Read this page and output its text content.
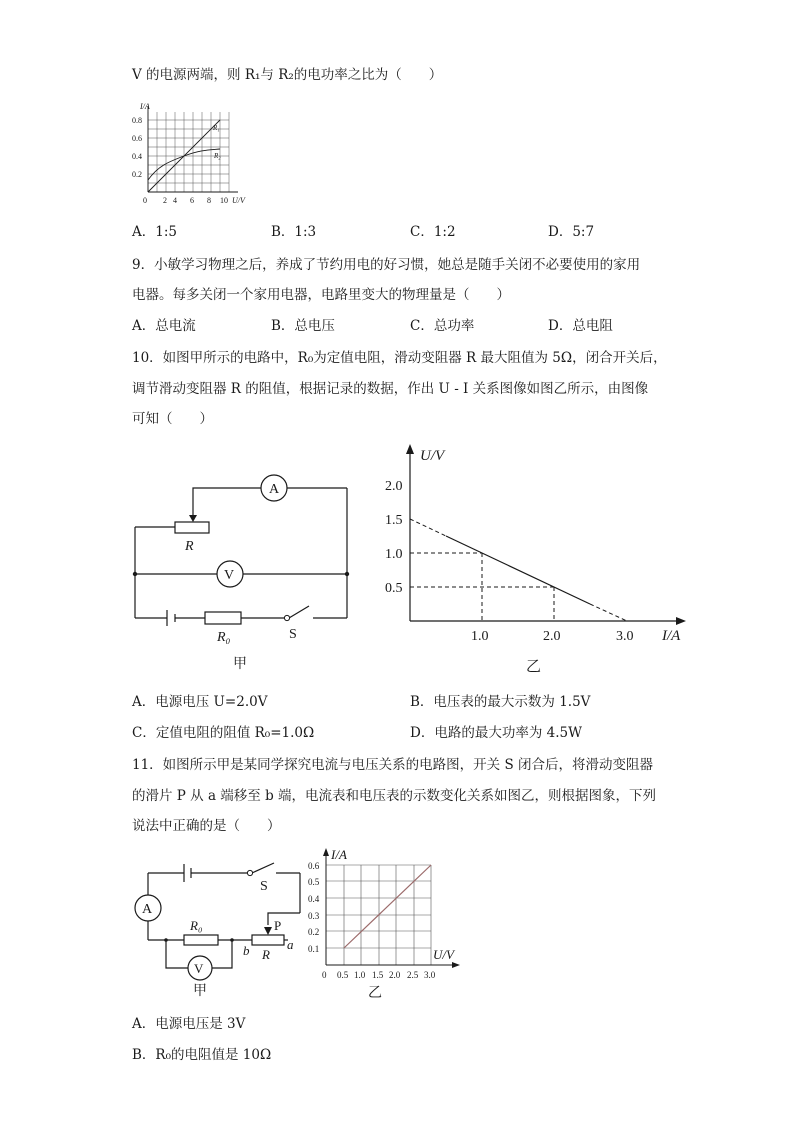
V 的电源两端，则 R₁与 R₂的电功率之比为（　　）
I/A
0.8
0.6
0.4
0.2
0 2 4 6 8 10 U/V
R₁
R₂
A．1:5	B．1:3	C．1:2	D．5:7
9．小敏学习物理之后，养成了节约用电的好习惯，她总是随手关闭不必要使用的家用
电器。每多关闭一个家用电器，电路里变大的物理量是（　　）
A．总电流	B．总电压	C．总功率	D．总电阻
10．如图甲所示的电路中，R₀为定值电阻，滑动变阻器 R 最大阻值为 5Ω，闭合开关后，
调节滑动变阻器 R 的阻值，根据记录的数据，作出 U - I 关系图像如图乙所示，由图像
可知（　　）
A
V
R
R₀	S
甲
U/V
2.0
1.5
1.0
0.5
1.0	2.0	3.0 I/A
乙
A．电源电压 U=2.0V	B．电压表的最大示数为 1.5V
C．定值电阻的阻值 R₀=1.0Ω	D．电路的最大功率为 4.5W
11．如图所示甲是某同学探究电流与电压关系的电路图，开关 S 闭合后，将滑动变阻器
的滑片 P 从 a 端移至 b 端，电流表和电压表的示数变化关系如图乙，则根据图象，下列
说法中正确的是（　　）
A
V
S
R₀	P
R
a
b
甲
I/A
0.6
0.5
0.4
0.3
0.2
0.1
0 0.5 1.0 1.5 2.0 2.5 3.0
U/V
乙
A．电源电压是 3V
B．R₀的电阻值是 10Ω
